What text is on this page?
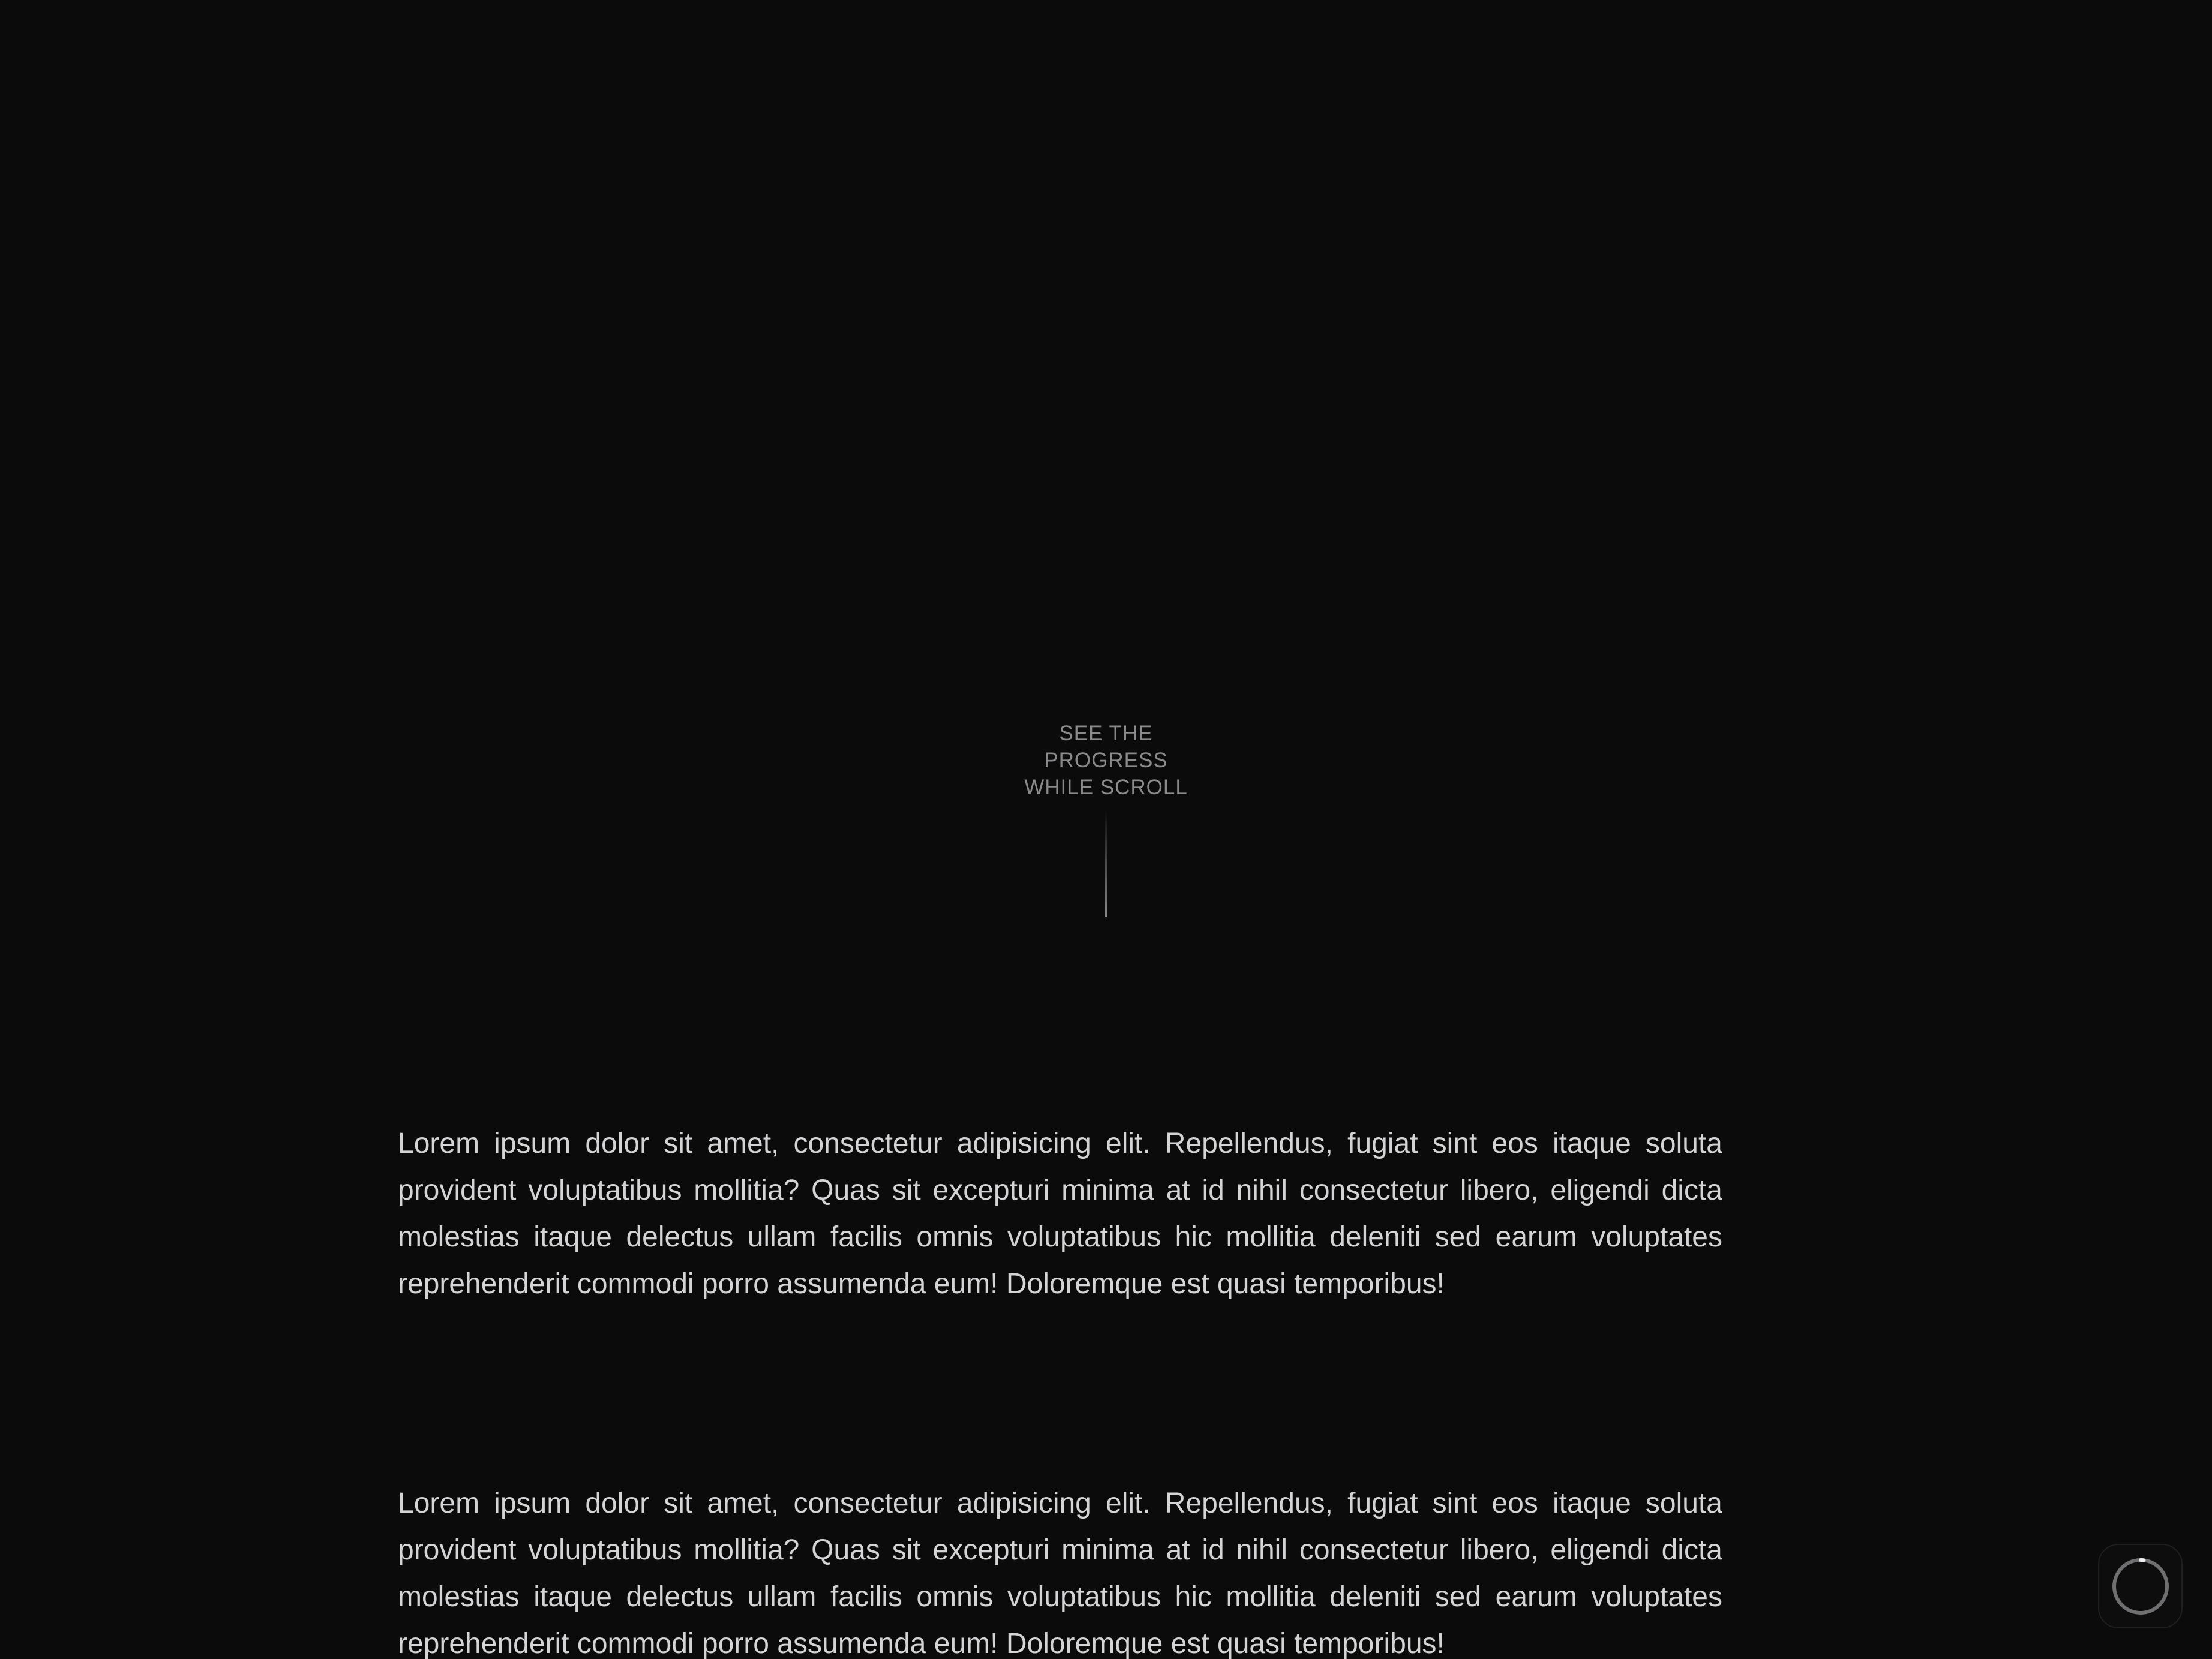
SEE THE
PROGRESS
WHILE SCROLL

Lorem ipsum dolor sit amet, consectetur adipisicing elit. Repellendus, fugiat sint eos itaque soluta provident voluptatibus mollitia? Quas sit excepturi minima at id nihil consectetur libero, eligendi dicta molestias itaque delectus ullam facilis omnis voluptatibus hic mollitia deleniti sed earum voluptates reprehenderit commodi porro assumenda eum! Doloremque est quasi temporibus!

Lorem ipsum dolor sit amet, consectetur adipisicing elit. Repellendus, fugiat sint eos itaque soluta provident voluptatibus mollitia? Quas sit excepturi minima at id nihil consectetur libero, eligendi dicta molestias itaque delectus ullam facilis omnis voluptatibus hic mollitia deleniti sed earum voluptates reprehenderit commodi porro assumenda eum! Doloremque est quasi temporibus!
